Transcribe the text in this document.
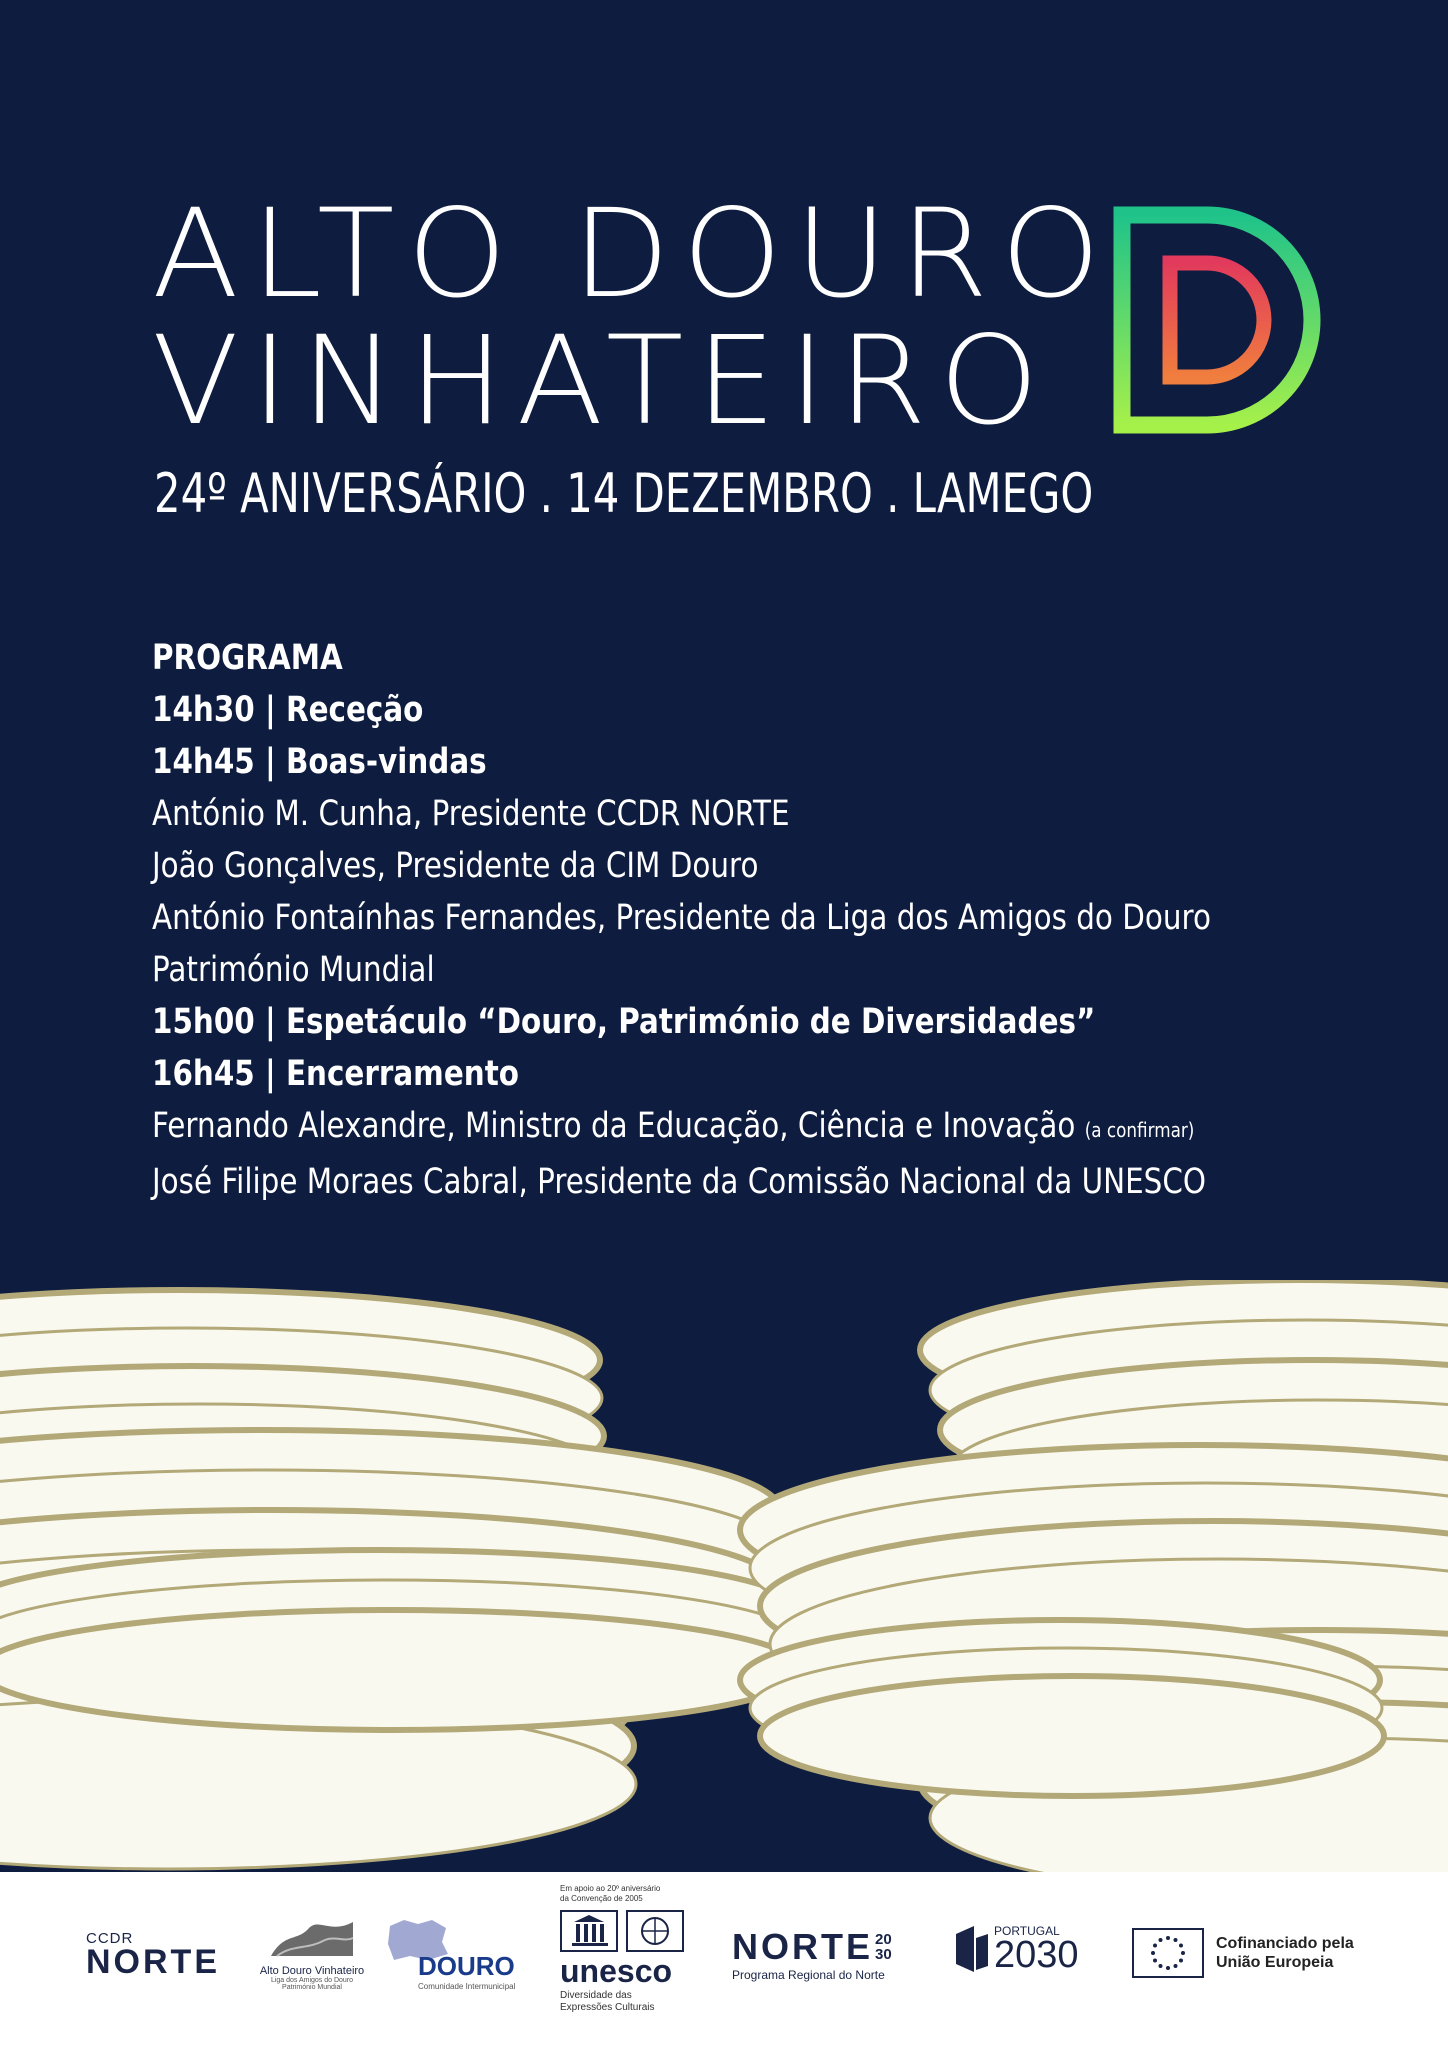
ALTO DOURO
VINHATEIRO
24º ANIVERSÁRIO . 14 DEZEMBRO . LAMEGO
PROGRAMA
14h30 | Receção
14h45 | Boas-vindas
António M. Cunha, Presidente CCDR NORTE
João Gonçalves, Presidente da CIM Douro
António Fontaínhas Fernandes, Presidente da Liga dos Amigos do Douro
Património Mundial
15h00 | Espetáculo “Douro, Património de Diversidades”
16h45 | Encerramento
Fernando Alexandre, Ministro da Educação, Ciência e Inovação (a confirmar)
José Filipe Moraes Cabral, Presidente da Comissão Nacional da UNESCO
CCDR
NORTE	Alto Douro Vinhateiro
Liga dos Amigos do Douro Património Mundial
DOURO
Comunidade Intermunicipal
Em apoio ao 20º aniversário
da Convenção de 2005
unesco
Diversidade das
Expressões Culturais
NORTE 20
30
Programa Regional do Norte
PORTUGAL
2030	Cofinanciado pela
União Europeia
